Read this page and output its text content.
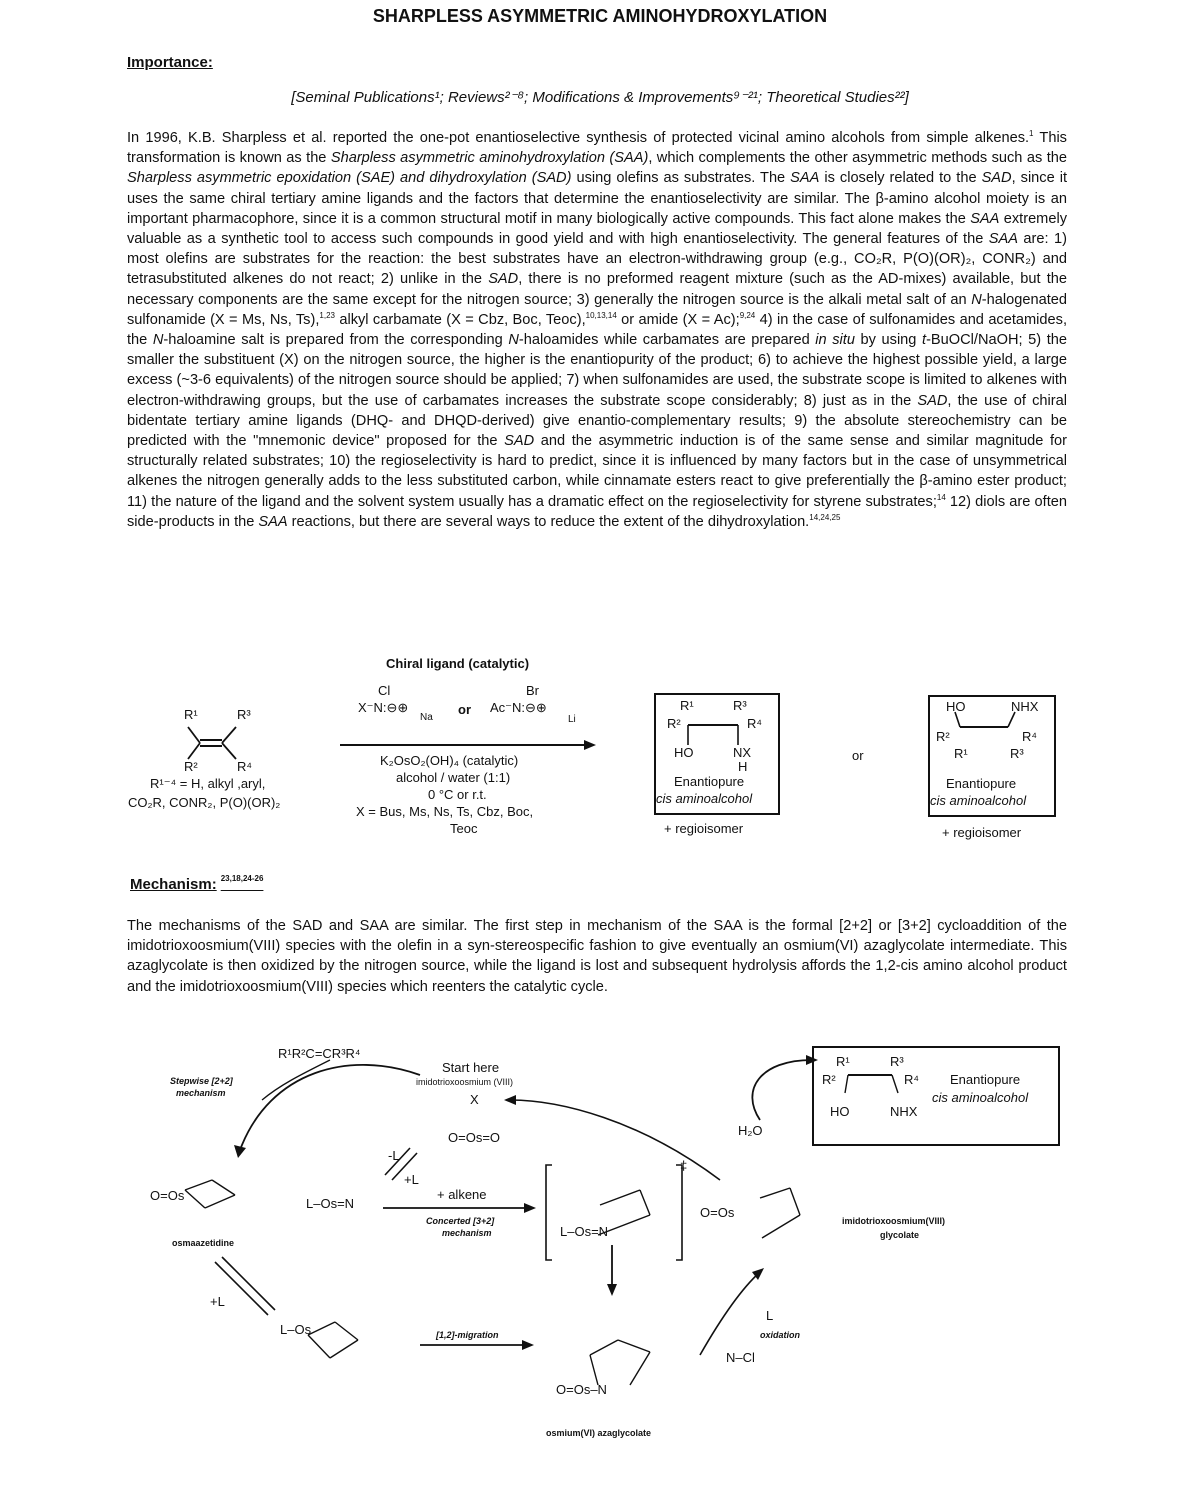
SHARPLESS ASYMMETRIC AMINOHYDROXYLATION
Importance:
[Seminal Publications¹; Reviews²⁻⁸; Modifications & Improvements⁹⁻²¹; Theoretical Studies²²]
In 1996, K.B. Sharpless et al. reported the one-pot enantioselective synthesis of protected vicinal amino alcohols from simple alkenes.$^1$ This transformation is known as the Sharpless asymmetric aminohydroxylation (SAA), which complements the other asymmetric methods such as the Sharpless asymmetric epoxidation (SAE) and dihydroxylation (SAD) using olefins as substrates. The SAA is closely related to the SAD, since it uses the same chiral tertiary amine ligands and the factors that determine the enantioselectivity are similar. The β-amino alcohol moiety is an important pharmacophore, since it is a common structural motif in many biologically active compounds. This fact alone makes the SAA extremely valuable as a synthetic tool to access such compounds in good yield and with high enantioselectivity. The general features of the SAA are: 1) most olefins are substrates for the reaction: the best substrates have an electron-withdrawing group (e.g., CO₂R, P(O)(OR)₂, CONR₂) and tetrasubstituted alkenes do not react; 2) unlike in the SAD, there is no preformed reagent mixture (such as the AD-mixes) available, but the necessary components are the same except for the nitrogen source; 3) generally the nitrogen source is the alkali metal salt of an N-halogenated sulfonamide (X = Ms, Ns, Ts),$^{1,23}$ alkyl carbamate (X = Cbz, Boc, Teoc),$^{10,13,14}$ or amide (X = Ac);$^{9,24}$ 4) in the case of sulfonamides and acetamides, the N-haloamine salt is prepared from the corresponding N-haloamides while carbamates are prepared in situ by using t-BuOCl/NaOH; 5) the smaller the substituent (X) on the nitrogen source, the higher is the enantiopurity of the product; 6) to achieve the highest possible yield, a large excess (~3-6 equivalents) of the nitrogen source should be applied; 7) when sulfonamides are used, the substrate scope is limited to alkenes with electron-withdrawing groups, but the use of carbamates increases the substrate scope considerably; 8) just as in the SAD, the use of chiral bidentate tertiary amine ligands (DHQ- and DHQD-derived) give enantio-complementary results; 9) the absolute stereochemistry can be predicted with the "mnemonic device" proposed for the SAD and the asymmetric induction is of the same sense and similar magnitude for structurally related substrates; 10) the regioselectivity is hard to predict, since it is influenced by many factors but in the case of unsymmetrical alkenes the nitrogen generally adds to the less substituted carbon, while cinnamate esters react to give preferentially the β-amino ester product; 11) the nature of the ligand and the solvent system usually has a dramatic effect on the regioselectivity for styrene substrates;$^{14}$ 12) diols are often side-products in the SAA reactions, but there are several ways to reduce the extent of the dihydroxylation.$^{14,24,25}$
Chiral ligand (catalytic)
Cl
X⁻N:⊖⊕
Na
or
Br
Ac⁻N:⊖⊕
Li
K₂OsO₂(OH)₄ (catalytic)
alcohol / water (1:1)
0 °C or r.t.
X = Bus, Ms, Ns, Ts, Cbz, Boc,
Teoc
R¹	R³
R²	R⁴
R¹⁻⁴ = H, alkyl ,aryl,
CO₂R, CONR₂, P(O)(OR)₂
R¹	R³
R²	R⁴
HO	NX
H
Enantiopure
cis aminoalcohol
+ regioisomer
or
HO	NHX
R²	R⁴
R¹	R³
Enantiopure
cis aminoalcohol
+ regioisomer
Mechanism: $^{23,18,24-26}$
The mechanisms of the SAD and SAA are similar. The first step in mechanism of the SAA is the formal [2+2] or [3+2] cycloaddition of the imidotrioxoosmium(VIII) species with the olefin in a syn-stereospecific fashion to give eventually an osmium(VI) azaglycolate intermediate. This azaglycolate is then oxidized by the nitrogen source, while the ligand is lost and subsequent hydrolysis affords the 1,2-cis amino alcohol product and the imidotrioxoosmium(VIII) species which reenters the catalytic cycle.
R¹R²C=CR³R⁴
Start here
imidotrioxoosmium (VIII)
X
O=Os=O
Stepwise [2+2]
mechanism
O=Os
osmaazetidine
-L
+L
L–Os=N
+ alkene
Concerted [3+2]
mechanism
‡
L–Os=N
+L
L–Os	[1,2]-migration
O=Os–N
osmium(VI) azaglycolate
O=Os
imidotrioxoosmium(VIII)
glycolate
H₂O
oxidation
L
N–Cl
R¹	R³
R²	R⁴
HO	NHX
Enantiopure
cis aminoalcohol
